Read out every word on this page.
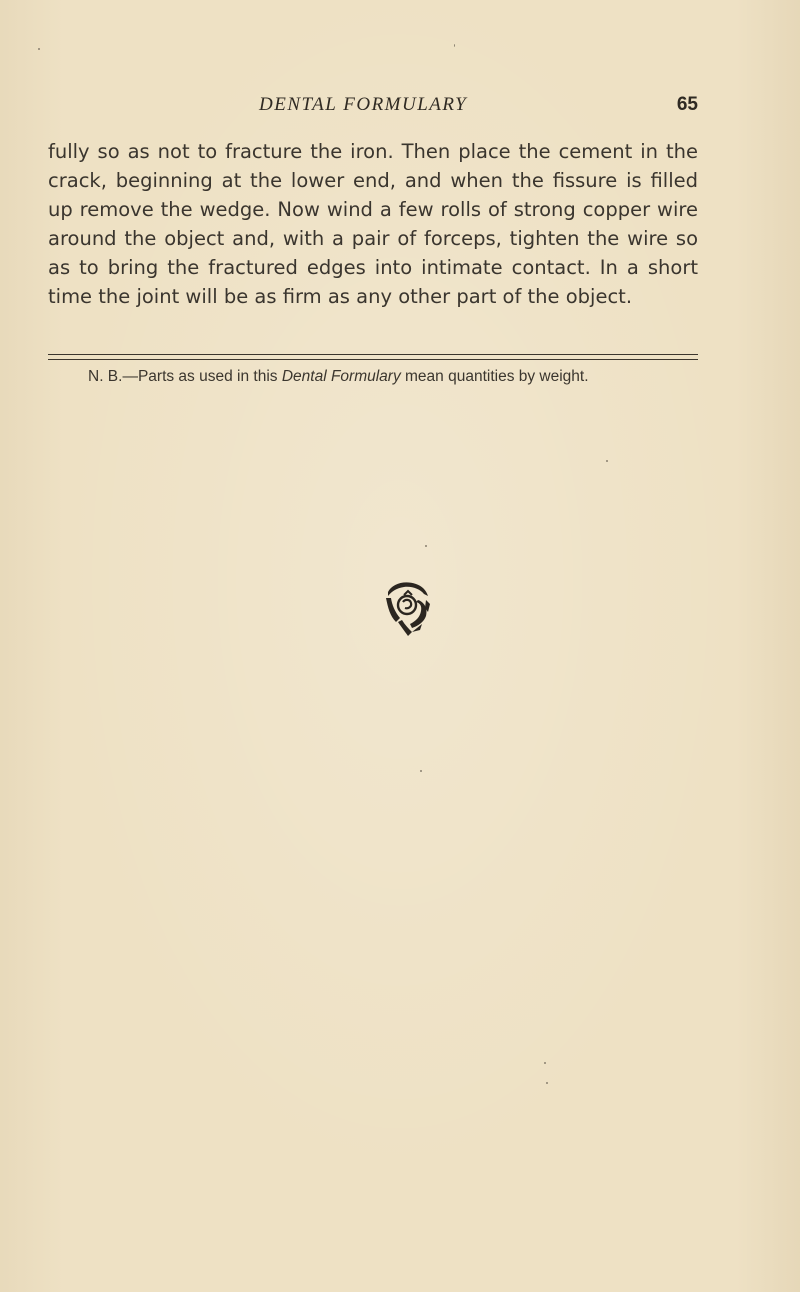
DENTAL FORMULARY	65

fully so as not to fracture the iron. Then place the cement in the crack, beginning at the lower end, and when the fissure is filled up remove the wedge. Now wind a few rolls of strong copper wire around the object and, with a pair of forceps, tighten the wire so as to bring the fractured edges into intimate contact. In a short time the joint will be as firm as any other part of the object.

N. B.—Parts as used in this Dental Formulary mean quantities by weight.
